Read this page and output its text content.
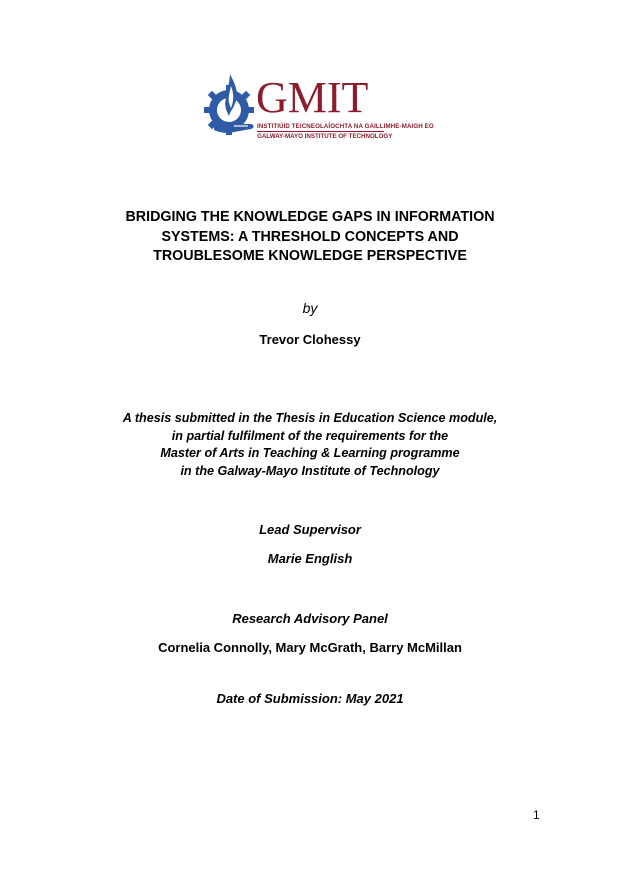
GMIT
INSTITIÚID TEICNEOLAÍOCHTA NA GAILLIMHE-MAIGH EO
GALWAY-MAYO INSTITUTE OF TECHNOLOGY
BRIDGING THE KNOWLEDGE GAPS IN INFORMATION
SYSTEMS: A THRESHOLD CONCEPTS AND
TROUBLESOME KNOWLEDGE PERSPECTIVE
by
Trevor Clohessy
A thesis submitted in the Thesis in Education Science module,
in partial fulfilment of the requirements for the
Master of Arts in Teaching & Learning programme
in the Galway-Mayo Institute of Technology
Lead Supervisor
Marie English
Research Advisory Panel
Cornelia Connolly, Mary McGrath, Barry McMillan
Date of Submission: May 2021
1
